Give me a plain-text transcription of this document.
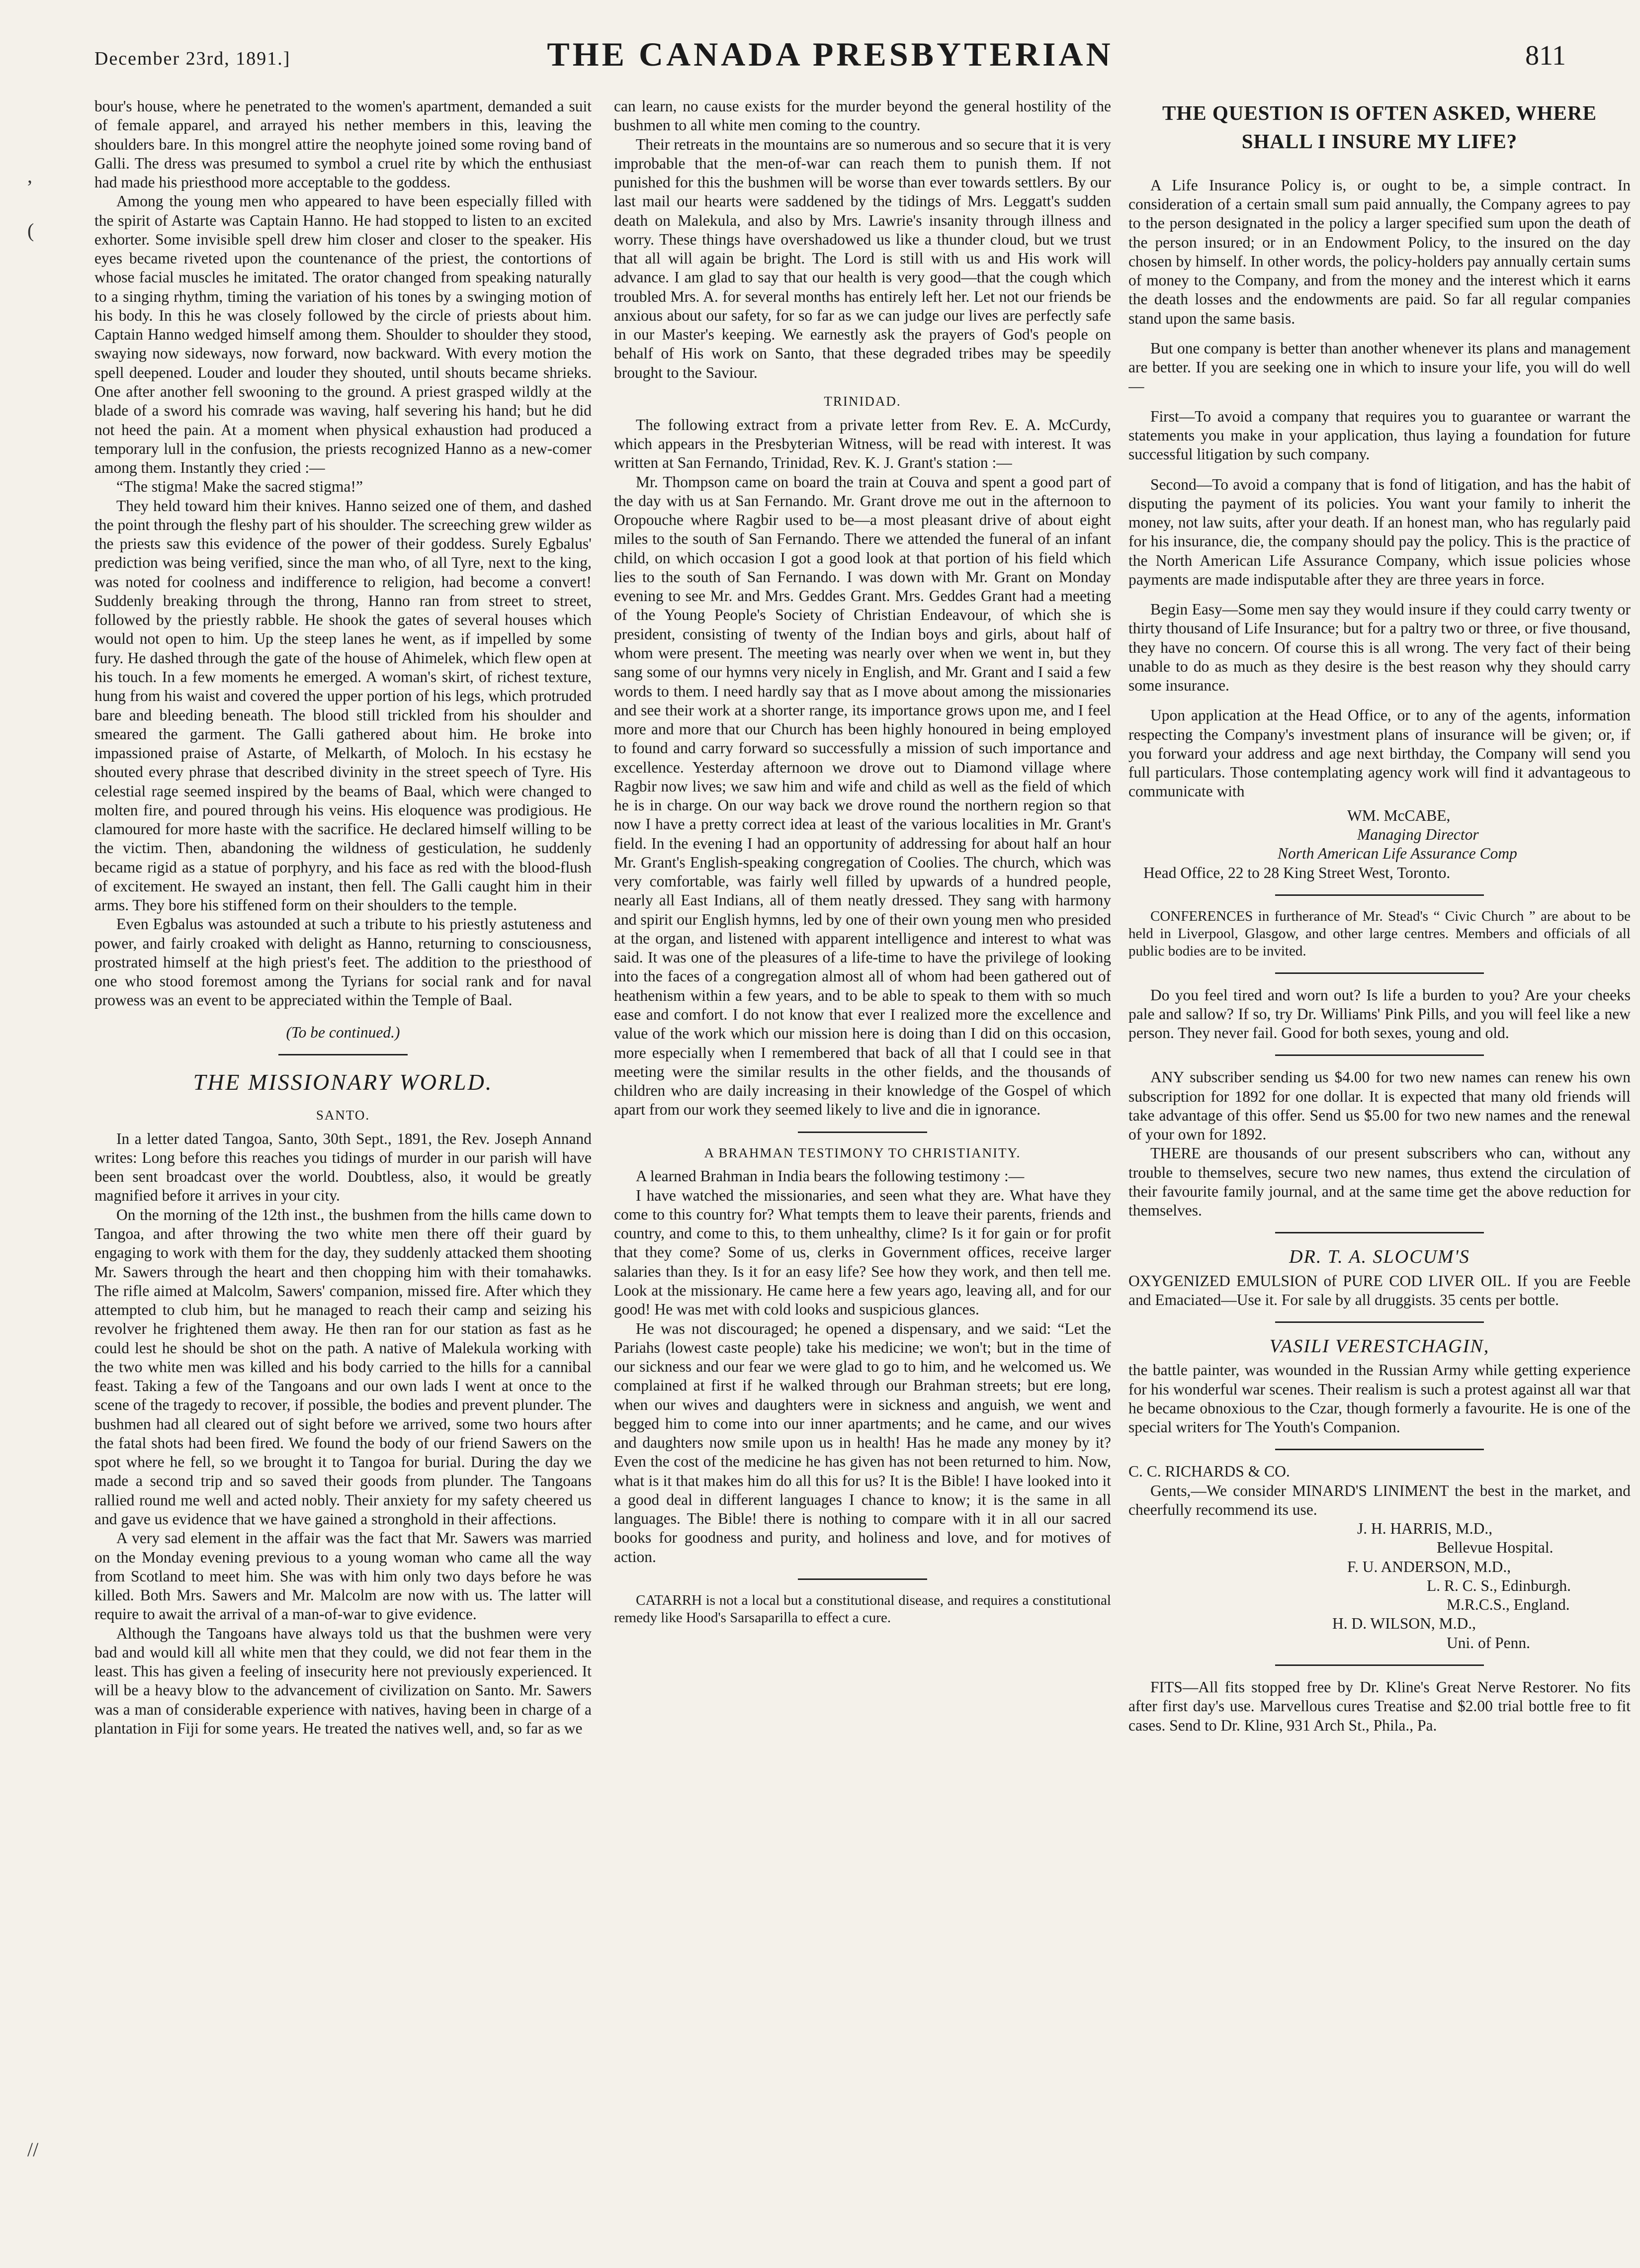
December 23rd, 1891.]	THE CANADA PRESBYTERIAN	811
,
(
//

bour's house, where he penetrated to the women's apartment, demanded a suit of female apparel, and arrayed his nether members in this, leaving the shoulders bare. In this mongrel attire the neophyte joined some roving band of Galli. The dress was presumed to symbol a cruel rite by which the enthusiast had made his priesthood more acceptable to the goddess.

Among the young men who appeared to have been especially filled with the spirit of Astarte was Captain Hanno. He had stopped to listen to an excited exhorter. Some invisible spell drew him closer and closer to the speaker. His eyes became riveted upon the countenance of the priest, the contortions of whose facial muscles he imitated. The orator changed from speaking naturally to a singing rhythm, timing the variation of his tones by a swinging motion of his body. In this he was closely followed by the circle of priests about him. Captain Hanno wedged himself among them. Shoulder to shoulder they stood, swaying now sideways, now forward, now backward. With every motion the spell deepened. Louder and louder they shouted, until shouts became shrieks. One after another fell swooning to the ground. A priest grasped wildly at the blade of a sword his comrade was waving, half severing his hand; but he did not heed the pain. At a moment when physical exhaustion had produced a temporary lull in the confusion, the priests recognized Hanno as a new-comer among them. Instantly they cried :—

“The stigma! Make the sacred stigma!”

They held toward him their knives. Hanno seized one of them, and dashed the point through the fleshy part of his shoulder. The screeching grew wilder as the priests saw this evidence of the power of their goddess. Surely Egbalus' prediction was being verified, since the man who, of all Tyre, next to the king, was noted for coolness and indifference to religion, had become a convert! Suddenly breaking through the throng, Hanno ran from street to street, followed by the priestly rabble. He shook the gates of several houses which would not open to him. Up the steep lanes he went, as if impelled by some fury. He dashed through the gate of the house of Ahimelek, which flew open at his touch. In a few moments he emerged. A woman's skirt, of richest texture, hung from his waist and covered the upper portion of his legs, which protruded bare and bleeding beneath. The blood still trickled from his shoulder and smeared the garment. The Galli gathered about him. He broke into impassioned praise of Astarte, of Melkarth, of Moloch. In his ecstasy he shouted every phrase that described divinity in the street speech of Tyre. His celestial rage seemed inspired by the beams of Baal, which were changed to molten fire, and poured through his veins. His eloquence was prodigious. He clamoured for more haste with the sacrifice. He declared himself willing to be the victim. Then, abandoning the wildness of gesticulation, he suddenly became rigid as a statue of porphyry, and his face as red with the blood-flush of excitement. He swayed an instant, then fell. The Galli caught him in their arms. They bore his stiffened form on their shoulders to the temple.

Even Egbalus was astounded at such a tribute to his priestly astuteness and power, and fairly croaked with delight as Hanno, returning to consciousness, prostrated himself at the high priest's feet. The addition to the priesthood of one who stood foremost among the Tyrians for social rank and for naval prowess was an event to be appreciated within the Temple of Baal.

(To be continued.)
THE MISSIONARY WORLD.
SANTO.

In a letter dated Tangoa, Santo, 30th Sept., 1891, the Rev. Joseph Annand writes: Long before this reaches you tidings of murder in our parish will have been sent broadcast over the world. Doubtless, also, it would be greatly magnified before it arrives in your city.

On the morning of the 12th inst., the bushmen from the hills came down to Tangoa, and after throwing the two white men there off their guard by engaging to work with them for the day, they suddenly attacked them shooting Mr. Sawers through the heart and then chopping him with their tomahawks. The rifle aimed at Malcolm, Sawers' companion, missed fire. After which they attempted to club him, but he managed to reach their camp and seizing his revolver he frightened them away. He then ran for our station as fast as he could lest he should be shot on the path. A native of Malekula working with the two white men was killed and his body carried to the hills for a cannibal feast. Taking a few of the Tangoans and our own lads I went at once to the scene of the tragedy to recover, if possible, the bodies and prevent plunder. The bushmen had all cleared out of sight before we arrived, some two hours after the fatal shots had been fired. We found the body of our friend Sawers on the spot where he fell, so we brought it to Tangoa for burial. During the day we made a second trip and so saved their goods from plunder. The Tangoans rallied round me well and acted nobly. Their anxiety for my safety cheered us and gave us evidence that we have gained a stronghold in their affections.

A very sad element in the affair was the fact that Mr. Sawers was married on the Monday evening previous to a young woman who came all the way from Scotland to meet him. She was with him only two days before he was killed. Both Mrs. Sawers and Mr. Malcolm are now with us. The latter will require to await the arrival of a man-of-war to give evidence.

Although the Tangoans have always told us that the bushmen were very bad and would kill all white men that they could, we did not fear them in the least. This has given a feeling of insecurity here not previously experienced. It will be a heavy blow to the advancement of civilization on Santo. Mr. Sawers was a man of considerable experience with natives, having been in charge of a plantation in Fiji for some years. He treated the natives well, and, so far as we

can learn, no cause exists for the murder beyond the general hostility of the bushmen to all white men coming to the country.

Their retreats in the mountains are so numerous and so secure that it is very improbable that the men-of-war can reach them to punish them. If not punished for this the bushmen will be worse than ever towards settlers. By our last mail our hearts were saddened by the tidings of Mrs. Leggatt's sudden death on Malekula, and also by Mrs. Lawrie's insanity through illness and worry. These things have overshadowed us like a thunder cloud, but we trust that all will again be bright. The Lord is still with us and His work will advance. I am glad to say that our health is very good—that the cough which troubled Mrs. A. for several months has entirely left her. Let not our friends be anxious about our safety, for so far as we can judge our lives are perfectly safe in our Master's keeping. We earnestly ask the prayers of God's people on behalf of His work on Santo, that these degraded tribes may be speedily brought to the Saviour.

TRINIDAD.

The following extract from a private letter from Rev. E. A. McCurdy, which appears in the Presbyterian Witness, will be read with interest. It was written at San Fernando, Trinidad, Rev. K. J. Grant's station :—

Mr. Thompson came on board the train at Couva and spent a good part of the day with us at San Fernando. Mr. Grant drove me out in the afternoon to Oropouche where Ragbir used to be—a most pleasant drive of about eight miles to the south of San Fernando. There we attended the funeral of an infant child, on which occasion I got a good look at that portion of his field which lies to the south of San Fernando. I was down with Mr. Grant on Monday evening to see Mr. and Mrs. Geddes Grant. Mrs. Geddes Grant had a meeting of the Young People's Society of Christian Endeavour, of which she is president, consisting of twenty of the Indian boys and girls, about half of whom were present. The meeting was nearly over when we went in, but they sang some of our hymns very nicely in English, and Mr. Grant and I said a few words to them. I need hardly say that as I move about among the missionaries and see their work at a shorter range, its importance grows upon me, and I feel more and more that our Church has been highly honoured in being employed to found and carry forward so successfully a mission of such importance and excellence. Yesterday afternoon we drove out to Diamond village where Ragbir now lives; we saw him and wife and child as well as the field of which he is in charge. On our way back we drove round the northern region so that now I have a pretty correct idea at least of the various localities in Mr. Grant's field. In the evening I had an opportunity of addressing for about half an hour Mr. Grant's English-speaking congregation of Coolies. The church, which was very comfortable, was fairly well filled by upwards of a hundred people, nearly all East Indians, all of them neatly dressed. They sang with harmony and spirit our English hymns, led by one of their own young men who presided at the organ, and listened with apparent intelligence and interest to what was said. It was one of the pleasures of a life-time to have the privilege of looking into the faces of a congregation almost all of whom had been gathered out of heathenism within a few years, and to be able to speak to them with so much ease and comfort. I do not know that ever I realized more the excellence and value of the work which our mission here is doing than I did on this occasion, more especially when I remembered that back of all that I could see in that meeting were the similar results in the other fields, and the thousands of children who are daily increasing in their knowledge of the Gospel of which apart from our work they seemed likely to live and die in ignorance.

A BRAHMAN TESTIMONY TO CHRISTIANITY.

A learned Brahman in India bears the following testimony :—

I have watched the missionaries, and seen what they are. What have they come to this country for? What tempts them to leave their parents, friends and country, and come to this, to them unhealthy, clime? Is it for gain or for profit that they come? Some of us, clerks in Government offices, receive larger salaries than they. Is it for an easy life? See how they work, and then tell me. Look at the missionary. He came here a few years ago, leaving all, and for our good! He was met with cold looks and suspicious glances.

He was not discouraged; he opened a dispensary, and we said: “Let the Pariahs (lowest caste people) take his medicine; we won't; but in the time of our sickness and our fear we were glad to go to him, and he welcomed us. We complained at first if he walked through our Brahman streets; but ere long, when our wives and daughters were in sickness and anguish, we went and begged him to come into our inner apartments; and he came, and our wives and daughters now smile upon us in health! Has he made any money by it? Even the cost of the medicine he has given has not been returned to him. Now, what is it that makes him do all this for us? It is the Bible! I have looked into it a good deal in different languages I chance to know; it is the same in all languages. The Bible! there is nothing to compare with it in all our sacred books for goodness and purity, and holiness and love, and for motives of action.

CATARRH is not a local but a constitutional disease, and requires a constitutional remedy like Hood's Sarsaparilla to effect a cure.

THE QUESTION IS OFTEN ASKED, WHERE SHALL I INSURE MY LIFE?

A Life Insurance Policy is, or ought to be, a simple contract. In consideration of a certain small sum paid annually, the Company agrees to pay to the person designated in the policy a larger specified sum upon the death of the person insured; or in an Endowment Policy, to the insured on the day chosen by himself. In other words, the policy-holders pay annually certain sums of money to the Company, and from the money and the interest which it earns the death losses and the endowments are paid. So far all regular companies stand upon the same basis.

But one company is better than another whenever its plans and management are better. If you are seeking one in which to insure your life, you will do well—

First—To avoid a company that requires you to guarantee or warrant the statements you make in your application, thus laying a foundation for future successful litigation by such company.

Second—To avoid a company that is fond of litigation, and has the habit of disputing the payment of its policies. You want your family to inherit the money, not law suits, after your death. If an honest man, who has regularly paid for his insurance, die, the company should pay the policy. This is the practice of the North American Life Assurance Company, which issue policies whose payments are made indisputable after they are three years in force.

Begin Easy—Some men say they would insure if they could carry twenty or thirty thousand of Life Insurance; but for a paltry two or three, or five thousand, they have no concern. Of course this is all wrong. The very fact of their being unable to do as much as they desire is the best reason why they should carry some insurance.

Upon application at the Head Office, or to any of the agents, information respecting the Company's investment plans of insurance will be given; or, if you forward your address and age next birthday, the Company will send you full particulars. Those contemplating agency work will find it advantageous to communicate with

WM. McCABE,
Managing Director
North American Life Assurance Comp
Head Office, 22 to 28 King Street West, Toronto.

CONFERENCES in furtherance of Mr. Stead's “ Civic Church ” are about to be held in Liverpool, Glasgow, and other large centres. Members and officials of all public bodies are to be invited.

Do you feel tired and worn out? Is life a burden to you? Are your cheeks pale and sallow? If so, try Dr. Williams' Pink Pills, and you will feel like a new person. They never fail. Good for both sexes, young and old.

ANY subscriber sending us $4.00 for two new names can renew his own subscription for 1892 for one dollar. It is expected that many old friends will take advantage of this offer. Send us $5.00 for two new names and the renewal of your own for 1892.

THERE are thousands of our present subscribers who can, without any trouble to themselves, secure two new names, thus extend the circulation of their favourite family journal, and at the same time get the above reduction for themselves.

DR. T. A. SLOCUM'S

OXYGENIZED EMULSION of PURE COD LIVER OIL. If you are Feeble and Emaciated—Use it. For sale by all druggists. 35 cents per bottle.

VASILI VERESTCHAGIN,

the battle painter, was wounded in the Russian Army while getting experience for his wonderful war scenes. Their realism is such a protest against all war that he became obnoxious to the Czar, though formerly a favourite. He is one of the special writers for The Youth's Companion.

C. C. RICHARDS & CO.

Gents,—We consider MINARD'S LINIMENT the best in the market, and cheerfully recommend its use.

J. H. HARRIS, M.D.,
Bellevue Hospital.
F. U. ANDERSON, M.D.,
L. R. C. S., Edinburgh.
M.R.C.S., England.
H. D. WILSON, M.D.,
Uni. of Penn.

FITS—All fits stopped free by Dr. Kline's Great Nerve Restorer. No fits after first day's use. Marvellous cures Treatise and $2.00 trial bottle free to fit cases. Send to Dr. Kline, 931 Arch St., Phila., Pa.
